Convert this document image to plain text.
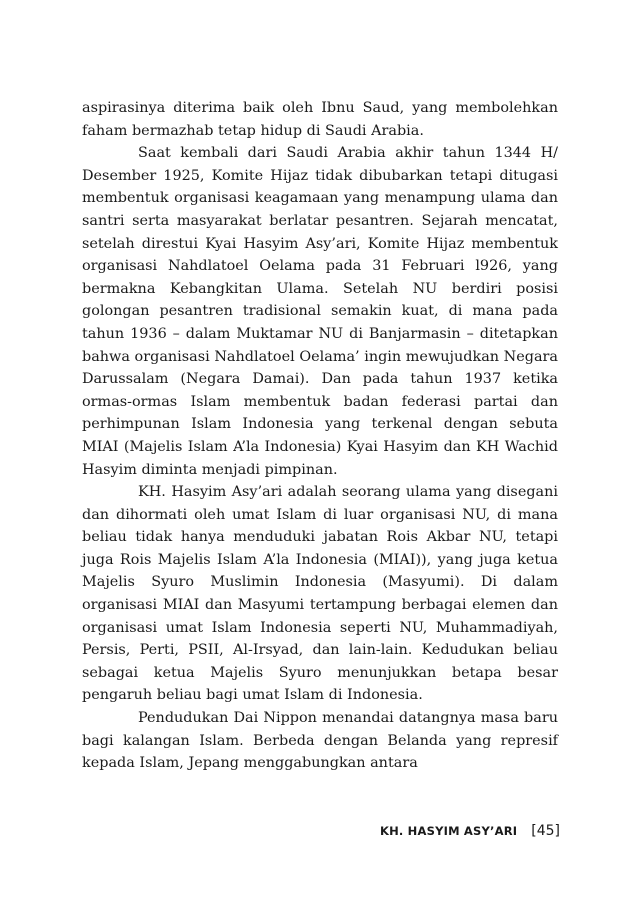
aspirasinya diterima baik oleh Ibnu Saud, yang membolehkan faham bermazhab tetap hidup di Saudi Arabia.

Saat kembali dari Saudi Arabia akhir tahun 1344 H/ Desember 1925, Komite Hijaz tidak dibubarkan tetapi ditugasi membentuk organisasi keagamaan yang menampung ulama dan santri serta masyarakat berlatar pesantren. Sejarah mencatat, setelah direstui Kyai Hasyim Asy’ari, Komite Hijaz membentuk organisasi Nahdlatoel Oelama pada 31 Februari l926, yang bermakna Kebangkitan Ulama. Setelah NU berdiri posisi golongan pesantren tradisional semakin kuat, di mana pada tahun 1936 – dalam Muktamar NU di Banjarmasin – ditetapkan bahwa organisasi Nahdlatoel Oelama’ ingin mewujudkan Negara Darussalam (Negara Damai). Dan pada tahun 1937 ketika ormas-ormas Islam membentuk badan federasi partai dan perhimpunan Islam Indonesia yang terkenal dengan sebuta MIAI (Majelis Islam A’la Indonesia) Kyai Hasyim dan KH Wachid Hasyim diminta menjadi pimpinan.

KH. Hasyim Asy’ari adalah seorang ulama yang disegani dan dihormati oleh umat Islam di luar organisasi NU, di mana beliau tidak hanya menduduki jabatan Rois Akbar NU, tetapi juga Rois Majelis Islam A’la Indonesia (MIAI)), yang juga ketua Majelis Syuro Muslimin Indonesia (Masyumi). Di dalam organisasi MIAI dan Masyumi tertampung berbagai elemen dan organisasi umat Islam Indonesia seperti NU, Muhammadiyah, Persis, Perti, PSII, Al-Irsyad, dan lain-lain. Kedudukan beliau sebagai ketua Majelis Syuro menunjukkan betapa besar pengaruh beliau bagi umat Islam di Indonesia.

Pendudukan Dai Nippon menandai datangnya masa baru bagi kalangan Islam. Berbeda dengan Belanda yang represif kepada Islam, Jepang menggabungkan antara

KH. HASYIM ASY’ARI [45]
